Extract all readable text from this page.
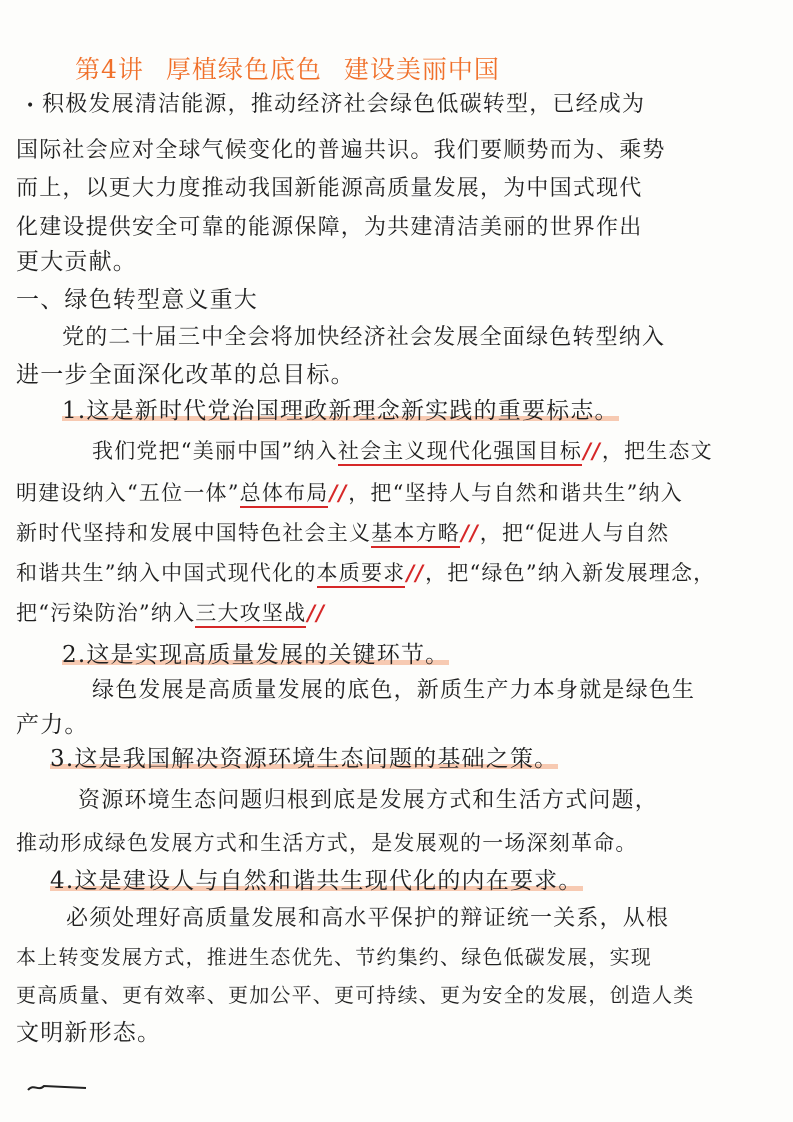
第4讲 厚植绿色底色 建设美丽中国
• 积极发展清洁能源，推动经济社会绿色低碳转型，已经成为
国际社会应对全球气候变化的普遍共识。我们要顺势而为、乘势
而上，以更大力度推动我国新能源高质量发展，为中国式现代
化建设提供安全可靠的能源保障，为共建清洁美丽的世界作出
更大贡献。
一、绿色转型意义重大
党的二十届三中全会将加快经济社会发展全面绿色转型纳入
进一步全面深化改革的总目标。
1.这是新时代党治国理政新理念新实践的重要标志。
我们党把“美丽中国”纳入社会主义现代化强国目标//，把生态文
明建设纳入“五位一体”总体布局//，把“坚持人与自然和谐共生”纳入
新时代坚持和发展中国特色社会主义基本方略//，把“促进人与自然
和谐共生”纳入中国式现代化的本质要求//，把“绿色”纳入新发展理念，
把“污染防治”纳入三大攻坚战//
2.这是实现高质量发展的关键环节。
绿色发展是高质量发展的底色，新质生产力本身就是绿色生
产力。
3.这是我国解决资源环境生态问题的基础之策。
资源环境生态问题归根到底是发展方式和生活方式问题，
推动形成绿色发展方式和生活方式，是发展观的一场深刻革命。
4.这是建设人与自然和谐共生现代化的内在要求。
必须处理好高质量发展和高水平保护的辩证统一关系，从根
本上转变发展方式，推进生态优先、节约集约、绿色低碳发展，实现
更高质量、更有效率、更加公平、更可持续、更为安全的发展，创造人类
文明新形态。
